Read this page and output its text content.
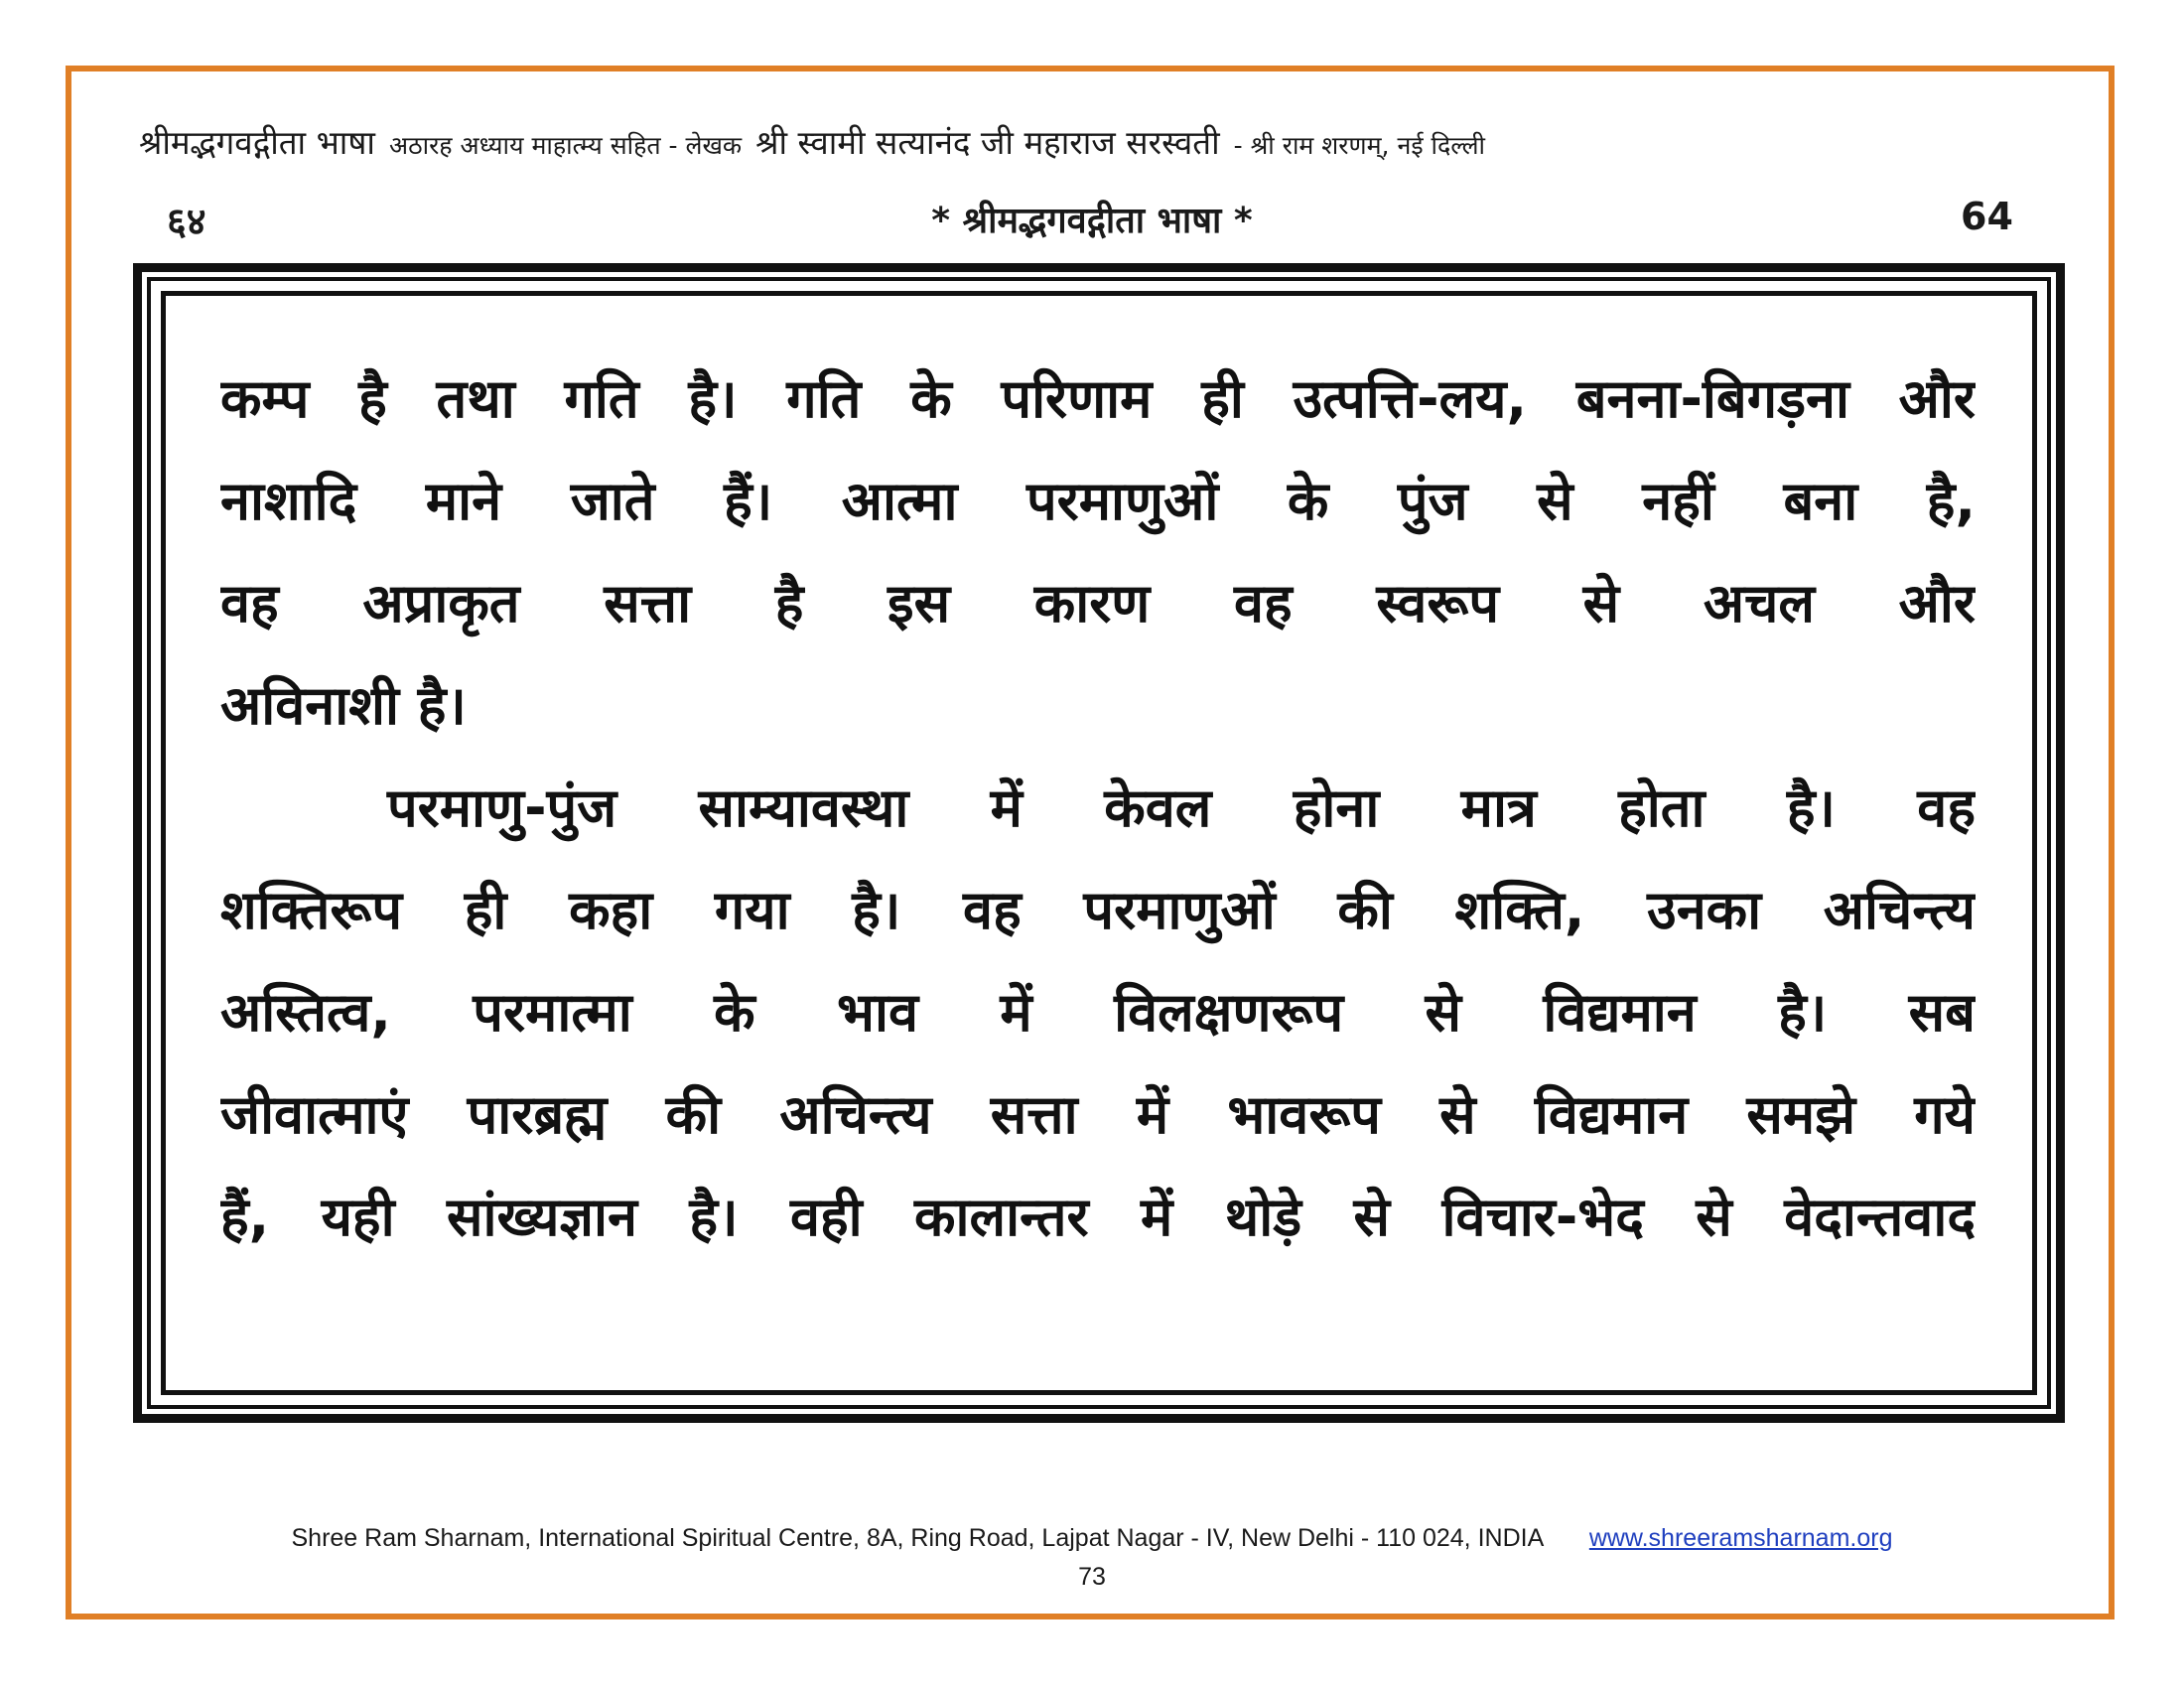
श्रीमद्भगवद्गीता भाषा अठारह अध्याय माहात्म्य सहित - लेखक श्री स्वामी सत्यानंद जी महाराज सरस्वती - श्री राम शरणम्, नई दिल्ली
६४	* श्रीमद्भगवद्गीता भाषा *	64
कम्प है तथा गति है। गति के परिणाम ही उत्पत्ति-लय, बनना-बिगड़ना और
नाशादि माने जाते हैं। आत्मा परमाणुओं के पुंज से नहीं बना है,
वह अप्राकृत सत्ता है इस कारण वह स्वरूप से अचल और
अविनाशी है।
परमाणु-पुंज साम्यावस्था में केवल होना मात्र होता है। वह
शक्तिरूप ही कहा गया है। वह परमाणुओं की शक्ति, उनका अचिन्त्य
अस्तित्व, परमात्मा के भाव में विलक्षणरूप से विद्यमान है। सब
जीवात्माएं पारब्रह्म की अचिन्त्य सत्ता में भावरूप से विद्यमान समझे गये
हैं, यही सांख्यज्ञान है। वही कालान्तर में थोड़े से विचार-भेद से वेदान्तवाद
Shree Ram Sharnam, International Spiritual Centre, 8A, Ring Road, Lajpat Nagar - IV, New Delhi - 110 024, INDIA www.shreeramsharnam.org
73
